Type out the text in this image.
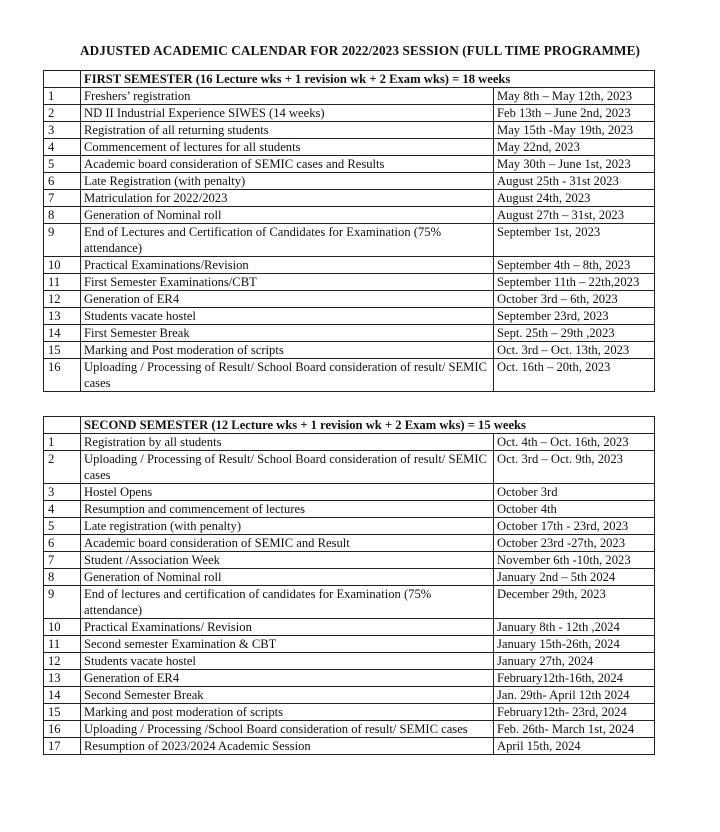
ADJUSTED ACADEMIC CALENDAR FOR 2022/2023 SESSION (FULL TIME PROGRAMME)
	FIRST SEMESTER (16 Lecture wks + 1 revision wk + 2 Exam wks) = 18 weeks	
1	Freshers’ registration	May 8th – May 12th, 2023
2	ND II Industrial Experience SIWES (14 weeks)	Feb 13th – June 2nd, 2023
3	Registration of all returning students	May 15th -May 19th, 2023
4	Commencement of lectures for all students	May 22nd, 2023
5	Academic board consideration of SEMIC cases and Results	May 30th – June 1st, 2023
6	Late Registration (with penalty)	August 25th - 31st 2023
7	Matriculation for 2022/2023	August 24th, 2023
8	Generation of Nominal roll	August 27th – 31st, 2023
9	End of Lectures and Certification of Candidates for Examination (75% attendance)	September 1st, 2023
10	Practical Examinations/Revision	September 4th – 8th, 2023
11	First Semester Examinations/CBT	September 11th – 22th,2023
12	Generation of ER4	October 3rd – 6th, 2023
13	Students vacate hostel	September 23rd, 2023
14	First Semester Break	Sept. 25th – 29th ,2023
15	Marking and Post moderation of scripts	Oct. 3rd – Oct. 13th, 2023
16	Uploading / Processing of Result/ School Board consideration of result/ SEMIC cases	Oct. 16th – 20th, 2023
	SECOND SEMESTER (12 Lecture wks + 1 revision wk + 2 Exam wks) = 15 weeks	
1	Registration by all students	Oct. 4th – Oct. 16th, 2023
2	Uploading / Processing of Result/ School Board consideration of result/ SEMIC cases	Oct. 3rd – Oct. 9th, 2023
3	Hostel Opens	October 3rd
4	Resumption and commencement of lectures	October 4th
5	Late registration (with penalty)	October 17th - 23rd, 2023
6	Academic board consideration of SEMIC and Result	October 23rd -27th, 2023
7	Student /Association Week	November 6th -10th, 2023
8	Generation of Nominal roll	January 2nd – 5th 2024
9	End of lectures and certification of candidates for Examination (75% attendance)	December 29th, 2023
10	Practical Examinations/ Revision	January 8th - 12th ,2024
11	Second semester Examination & CBT	January 15th-26th, 2024
12	Students vacate hostel	January 27th, 2024
13	Generation of ER4	February12th-16th, 2024
14	Second Semester Break	Jan. 29th- April 12th 2024
15	Marking and post moderation of scripts	February12th- 23rd, 2024
16	Uploading / Processing /School Board consideration of result/ SEMIC cases	Feb. 26th- March 1st, 2024
17	Resumption of 2023/2024 Academic Session	April 15th, 2024
